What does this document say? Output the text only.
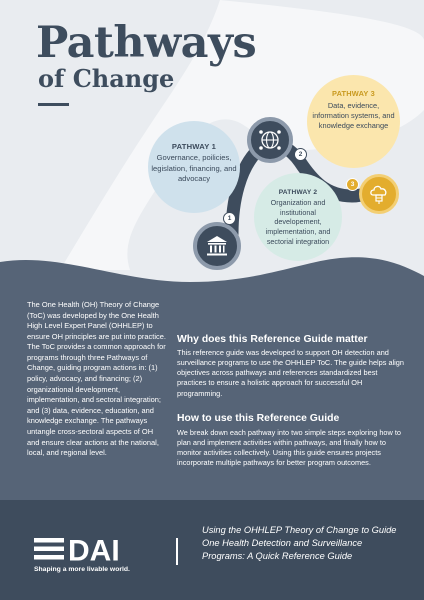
Pathways
of Change
PATHWAY 1
Governance, poilicies, legislation, financing, and advocacy
PATHWAY 2
Organization and institutional developement, implementation, and sectorial integration
PATHWAY 3
Data, evidence, information systems, and knowledge exchange
1
2
3
The One Health (OH) Theory of Change (ToC) was developed by the One Health High Level Expert Panel (OHHLEP) to ensure OH principles are put into practice. The ToC provides a common approach for programs through three Pathways of Change, guiding program actions in: (1) policy, advocacy, and financing; (2) organizational development, implementation, and sectoral integration; and (3) data, evidence, education, and knowledge exchange. The pathways untangle cross-sectoral aspects of OH and ensure clear actions at the national, local, and regional level.
Why does this Reference Guide matter
This reference guide was developed to support OH detection and surveillance programs to use the OHHLEP ToC. The guide helps align objectives across pathways and references standardized best practices to ensure a holistic approach for successful OH programming.
How to use this Reference Guide
We break down each pathway into two simple steps exploring how to plan and implement activities within pathways, and finally how to monitor activities collectively. Using this guide ensures projects incorporate multiple pathways for better program outcomes.
DAI
Shaping a more livable world.
Using the OHHLEP Theory of Change to Guide One Health Detection and Surveillance Programs: A Quick Reference Guide
